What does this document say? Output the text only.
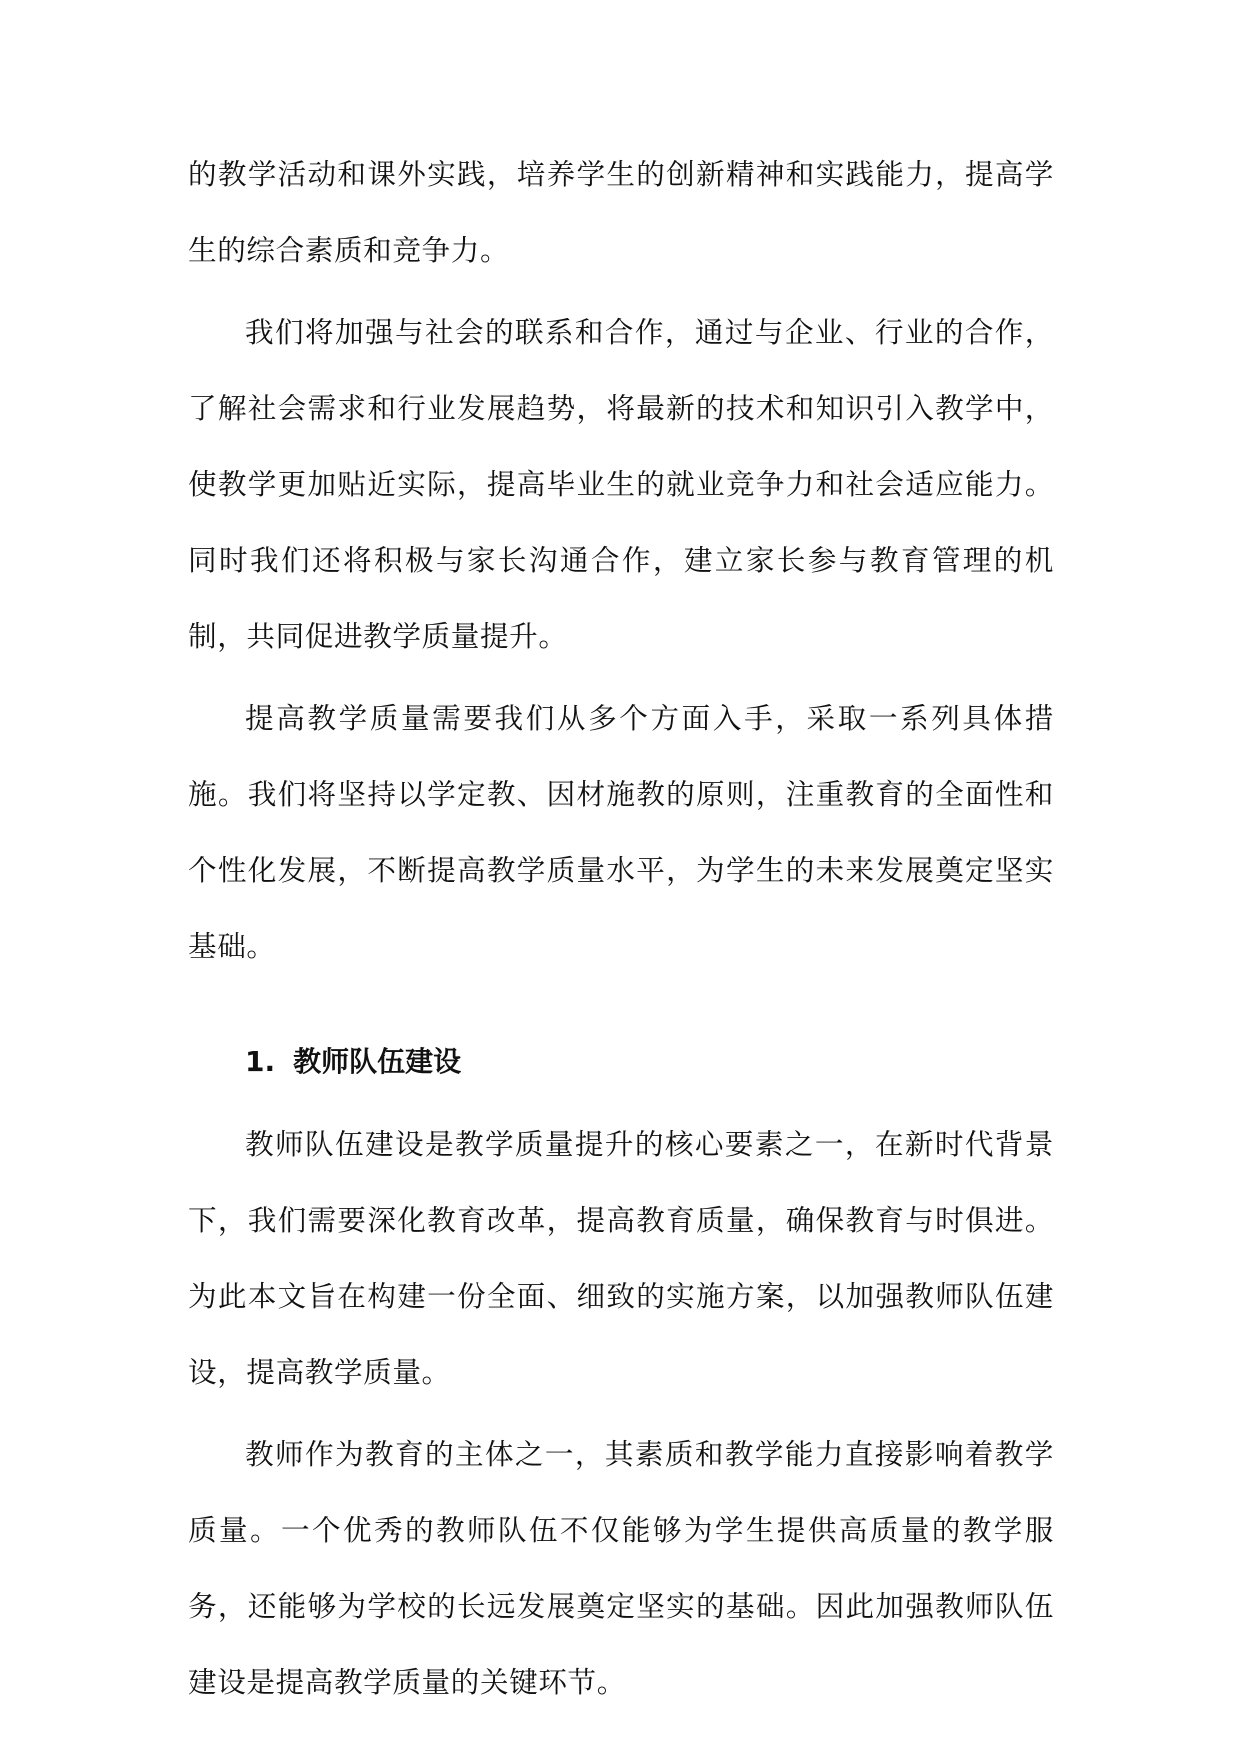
的教学活动和课外实践，培养学生的创新精神和实践能力，提高学生的综合素质和竞争力。

我们将加强与社会的联系和合作，通过与企业、行业的合作，了解社会需求和行业发展趋势，将最新的技术和知识引入教学中，使教学更加贴近实际，提高毕业生的就业竞争力和社会适应能力。同时我们还将积极与家长沟通合作，建立家长参与教育管理的机制，共同促进教学质量提升。

提高教学质量需要我们从多个方面入手，采取一系列具体措施。我们将坚持以学定教、因材施教的原则，注重教育的全面性和个性化发展，不断提高教学质量水平，为学生的未来发展奠定坚实基础。

1. 教师队伍建设

教师队伍建设是教学质量提升的核心要素之一，在新时代背景下，我们需要深化教育改革，提高教育质量，确保教育与时俱进。为此本文旨在构建一份全面、细致的实施方案，以加强教师队伍建设，提高教学质量。

教师作为教育的主体之一，其素质和教学能力直接影响着教学质量。一个优秀的教师队伍不仅能够为学生提供高质量的教学服务，还能够为学校的长远发展奠定坚实的基础。因此加强教师队伍建设是提高教学质量的关键环节。
